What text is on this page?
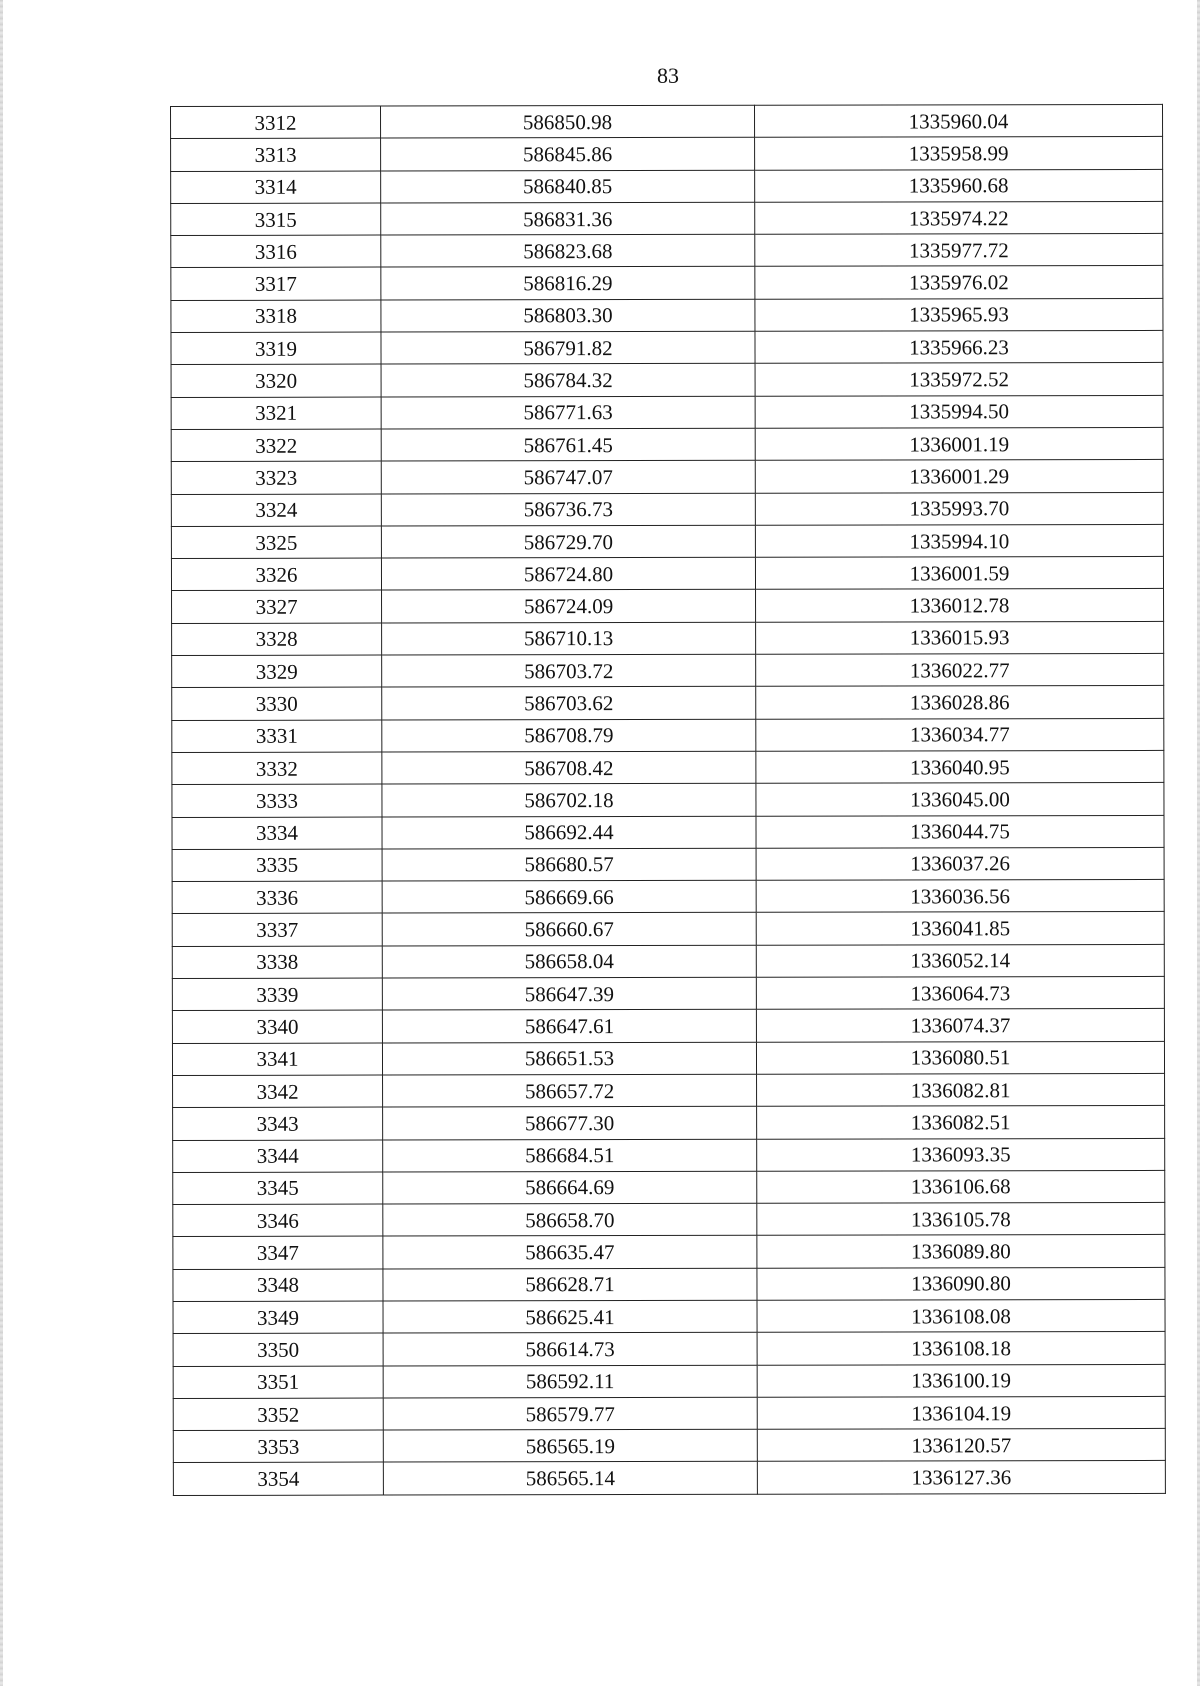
83
3312	586850.98	1335960.04
3313	586845.86	1335958.99
3314	586840.85	1335960.68
3315	586831.36	1335974.22
3316	586823.68	1335977.72
3317	586816.29	1335976.02
3318	586803.30	1335965.93
3319	586791.82	1335966.23
3320	586784.32	1335972.52
3321	586771.63	1335994.50
3322	586761.45	1336001.19
3323	586747.07	1336001.29
3324	586736.73	1335993.70
3325	586729.70	1335994.10
3326	586724.80	1336001.59
3327	586724.09	1336012.78
3328	586710.13	1336015.93
3329	586703.72	1336022.77
3330	586703.62	1336028.86
3331	586708.79	1336034.77
3332	586708.42	1336040.95
3333	586702.18	1336045.00
3334	586692.44	1336044.75
3335	586680.57	1336037.26
3336	586669.66	1336036.56
3337	586660.67	1336041.85
3338	586658.04	1336052.14
3339	586647.39	1336064.73
3340	586647.61	1336074.37
3341	586651.53	1336080.51
3342	586657.72	1336082.81
3343	586677.30	1336082.51
3344	586684.51	1336093.35
3345	586664.69	1336106.68
3346	586658.70	1336105.78
3347	586635.47	1336089.80
3348	586628.71	1336090.80
3349	586625.41	1336108.08
3350	586614.73	1336108.18
3351	586592.11	1336100.19
3352	586579.77	1336104.19
3353	586565.19	1336120.57
3354	586565.14	1336127.36
